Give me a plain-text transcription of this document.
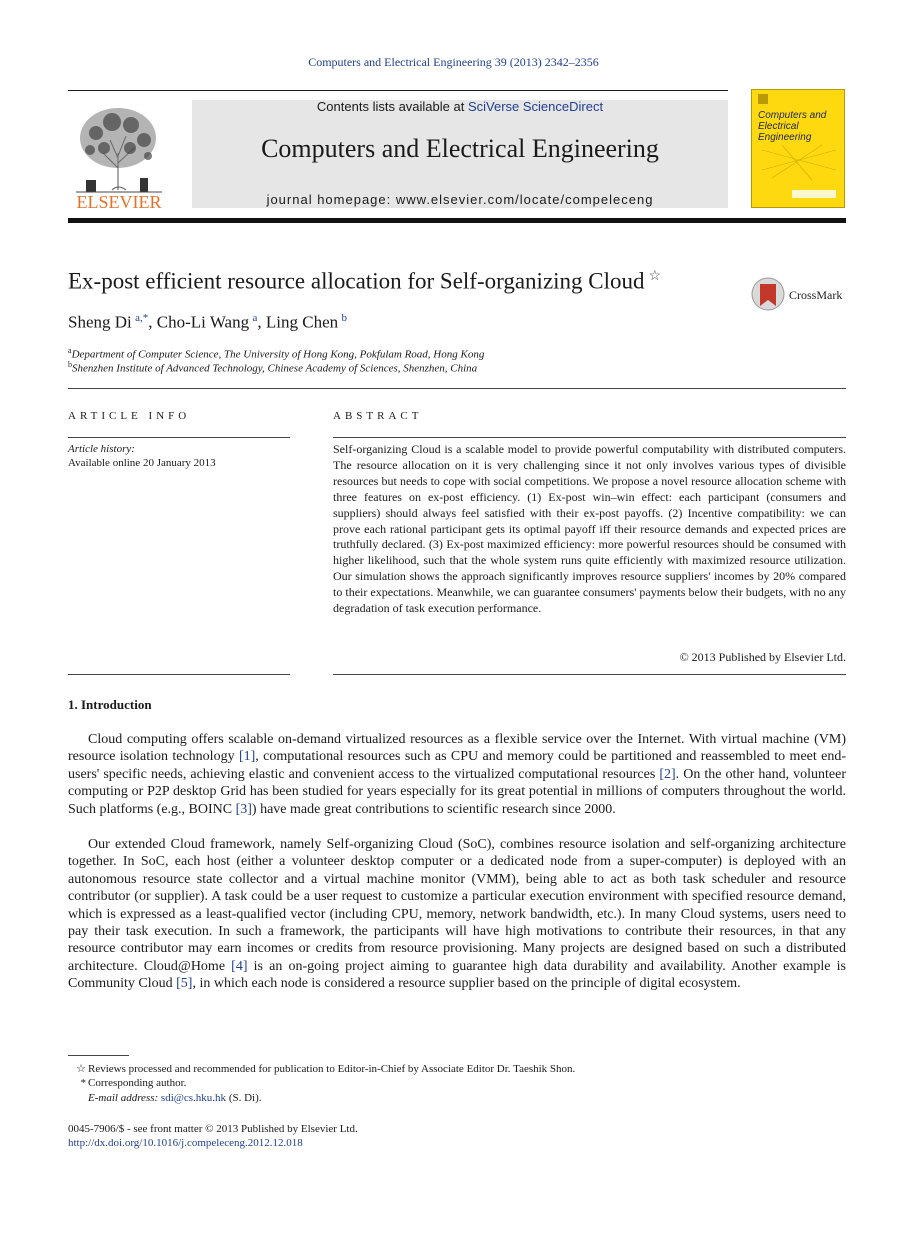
Computers and Electrical Engineering 39 (2013) 2342–2356
ELSEVIER
Contents lists available at SciVerse ScienceDirect
Computers and Electrical Engineering
journal homepage: www.elsevier.com/locate/compeleceng
Computers and Electrical Engineering
Ex-post efficient resource allocation for Self-organizing Cloud ☆
CrossMark
Sheng Di  $^{a,*}$, Cho-Li Wang  $^a$, Ling Chen  $^b$
$^a$Department of Computer Science, The University of Hong Kong, Pokfulam Road, Hong Kong
$^b$Shenzhen Institute of Advanced Technology, Chinese Academy of Sciences, Shenzhen, China
ARTICLE INFO
Article history:
Available online 20 January 2013
ABSTRACT
Self-organizing Cloud is a scalable model to provide powerful computability with distributed computers. The resource allocation on it is very challenging since it not only involves various types of divisible resources but needs to cope with social competitions. We propose a novel resource allocation scheme with three features on ex-post efficiency. (1) Ex-post win–win effect: each participant (consumers and suppliers) should always feel satisfied with their ex-post payoffs. (2) Incentive compatibility: we can prove each rational participant gets its optimal payoff iff their resource demands and expected prices are truthfully declared. (3) Ex-post maximized efficiency: more powerful resources should be consumed with higher likelihood, such that the whole system runs quite efficiently with maximized resource utilization. Our simulation shows the approach significantly improves resource suppliers' incomes by 20% compared to their expectations. Meanwhile, we can guarantee consumers' payments below their budgets, with no any degradation of task execution performance.
© 2013 Published by Elsevier Ltd.
1. Introduction
Cloud computing offers scalable on-demand virtualized resources as a flexible service over the Internet. With virtual machine (VM) resource isolation technology [1], computational resources such as CPU and memory could be partitioned and reassembled to meet end-users' specific needs, achieving elastic and convenient access to the virtualized computational resources [2]. On the other hand, volunteer computing or P2P desktop Grid has been studied for years especially for its great potential in millions of computers throughout the world. Such platforms (e.g., BOINC [3]) have made great contributions to scientific research since 2000.
Our extended Cloud framework, namely Self-organizing Cloud (SoC), combines resource isolation and self-organizing architecture together. In SoC, each host (either a volunteer desktop computer or a dedicated node from a super-computer) is deployed with an autonomous resource state collector and a virtual machine monitor (VMM), being able to act as both task scheduler and resource contributor (or supplier). A task could be a user request to customize a particular execution environment with specified resource demand, which is expressed as a least-qualified vector (including CPU, memory, network bandwidth, etc.). In many Cloud systems, users need to pay their task execution. In such a framework, the participants will have high motivations to contribute their resources, in that any resource contributor may earn incomes or credits from resource provisioning. Many projects are designed based on such a distributed architecture. Cloud@Home [4] is an on-going project aiming to guarantee high data durability and availability. Another example is Community Cloud [5], in which each node is considered a resource supplier based on the principle of digital ecosystem.
☆ Reviews processed and recommended for publication to Editor-in-Chief by Associate Editor Dr. Taeshik Shon.
* Corresponding author.
E-mail address: sdi@cs.hku.hk (S. Di).
0045-7906/$ - see front matter © 2013 Published by Elsevier Ltd.
http://dx.doi.org/10.1016/j.compeleceng.2012.12.018
